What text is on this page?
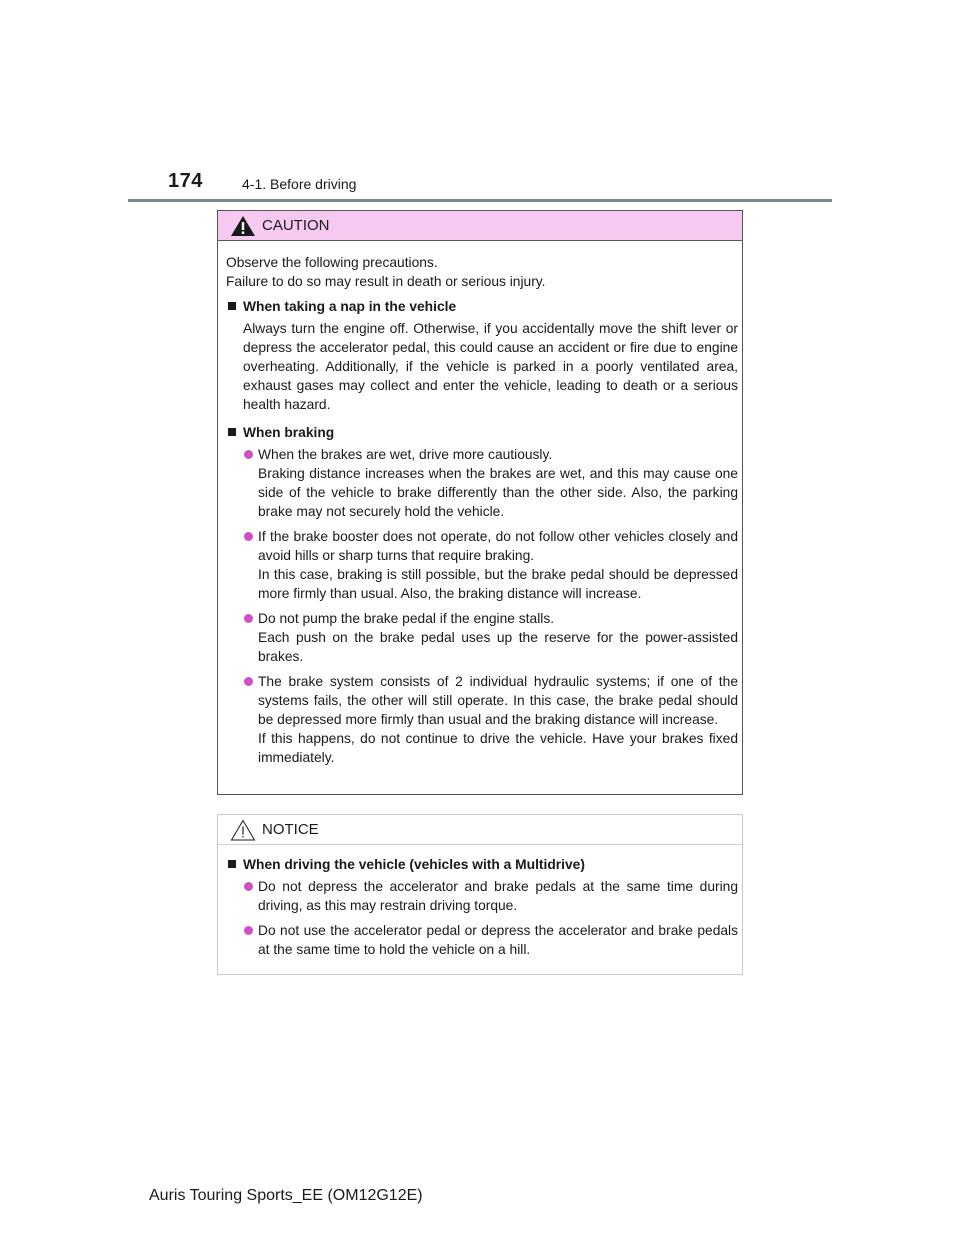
174	4-1. Before driving
CAUTION

Observe the following precautions.

Failure to do so may result in death or serious injury.

When taking a nap in the vehicle

Always turn the engine off. Otherwise, if you accidentally move the shift lever or depress the accelerator pedal, this could cause an accident or fire due to engine overheating. Additionally, if the vehicle is parked in a poorly ventilated area, exhaust gases may collect and enter the vehicle, leading to death or a serious health hazard.

When braking

When the brakes are wet, drive more cautiously.

Braking distance increases when the brakes are wet, and this may cause one side of the vehicle to brake differently than the other side. Also, the parking brake may not securely hold the vehicle.

If the brake booster does not operate, do not follow other vehicles closely and avoid hills or sharp turns that require braking.

In this case, braking is still possible, but the brake pedal should be depressed more firmly than usual. Also, the braking distance will increase.

Do not pump the brake pedal if the engine stalls.

Each push on the brake pedal uses up the reserve for the power-assisted brakes.

The brake system consists of 2 individual hydraulic systems; if one of the systems fails, the other will still operate. In this case, the brake pedal should be depressed more firmly than usual and the braking distance will increase.

If this happens, do not continue to drive the vehicle. Have your brakes fixed immediately.

NOTICE

When driving the vehicle (vehicles with a Multidrive)

Do not depress the accelerator and brake pedals at the same time during driving, as this may restrain driving torque.

Do not use the accelerator pedal or depress the accelerator and brake pedals at the same time to hold the vehicle on a hill.

Auris Touring Sports_EE (OM12G12E)
